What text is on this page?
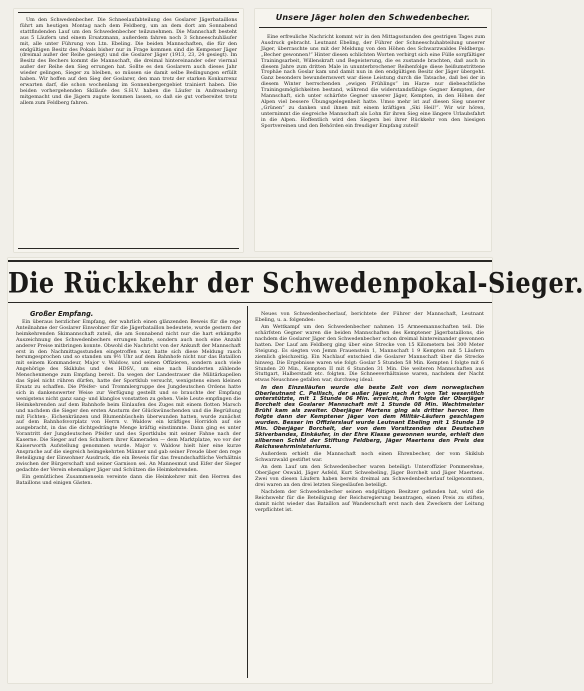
Um den Schwedenbecher. Die Schneelaufabteilung des Goslarer Jägerbataillons führt am heutigen Montag nach dem Feldberg, um an dem dort am Sonnabend stattfindenden Lauf um den Schwedenbecher teilzunehmen. Die Mannschaft besteht aus 5 Läufern und einem Ersatzmann, außerdem fahren noch 3 Schneeschuhläufer mit, alle unter Führung von Ltn. Ebeling. Die beiden Mannschaften, die für den endgültigen Besitz des Pokals bisher nur in Frage kommen sind die Kempener Jäger (dreimal außer der Reihe gesiegt) und die Goslarer Jäger (1913, 23, 24 gesiegt). Im Besitz des Bechers kommt die Mannschaft, die dreimal hintereinander oder viermal außer der Reihe den Sieg errungen hat. Sollte es den Goslarern auch dieses Jahr wieder gelingen, Sieger zu bleiben, so müssen sie damit selbe Bedingungen erfüllt haben. Wir hoffen auf den Sieg der Goslarer, den man trotz der starken Konkurrenz erwarten darf, die schon wochenlang im Sonnenbergergebiet trainiert haben. Die beiden vorhergehenden Skiläufe des S.H.V. haben die Läufer in Andreasberg mitgemacht und die Jägern zugute kommen lassen, so daß sie gut vorbereitet trotz allem zum Feldberg fahren.

Unsere Jäger holen den Schwedenbecher.

Eine erfreuliche Nachricht kommt wir in den Mittagsstunden des gestrigen Tages zum Ausdruck gebracht. Leutnant Ebeling, der Führer der Schneeschuhabteilung unserer Jäger, überraschte uns mit der Meldung von den Höhen des Schwarzwaldes Feldbergs: „Becher gewonnen!“ Hinter diesen schlichten Worten verbirgt sich eine Fülle sorgfältiger Trainingsarbeit, Willenskraft und Begeisterung, die es zustande brachten, daß auch in diesem Jahre zum dritten Male in ununterbrochener Reihenfolge diese heißumstrittene Trophäe nach Goslar kam und damit nun in den endgültigen Besitz der Jäger übergeht. Ganz besonders bewundernswert war diese Leistung durch die Tatsache, daß bei der in diesem Winter herrschenden „ewigen Frühlings“ im Harze nur diebeachtliche Trainingsmöglichkeiten bestand, während die widerstandsfähige Gegner Kempten, der Mannschaft, sich unter schärfste Gegner unserer Jäger, Kempten, in den Höhen der Alpen viel bessere Übungsgelegenheit hatte. Umso mehr ist auf diesen Sieg unserer „Grünen“ zu danken und ihnen mit einem kräftigen „Ski Heil!“. Wir wir hören, unternimmt die siegreiche Mannschaft als Lohn für ihren Sieg eine längere Urlaubsfahrt in die Alpen. Hoffentlich wird den Siegern bei ihrer Rückkehr von den hiesigen Sportvereinen und den Behörden ein freudiger Empfang zuteil!

Die Rückkehr der Schwedenpokal-Sieger.
Großer Empfang.

Ein überaus herzlicher Empfang, der wahrlich einen glänzenden Beweis für die rege Anteilnahme der Goslarer Einwohner für die Jägerbataillon bedeutete, wurde gestern der heimkehrenden Skimannschaft zuteil, die am Sonnabend nicht nur die hart erkämpfte Auszeichnung des Schwedenbechers errungen hatte, sondern auch noch eine Anzahl anderer Preise mitbringen konnte. Obwohl die Nachricht von der Ankunft der Mannschaft erst in den Nachmittagsstunden eingetroffen war, hatte sich diese Meldung rasch herumgesprochen und so standen um 9½ Uhr auf dem Bahnhofe nicht nur das Bataillon mit seinem Kommandeur, Major v. Waldow, und seinen Offizieren, sondern auch viele Angehörige des Skiklubs und des HDSV., um eine nach Hunderten zählende Menschenmenge zum Empfang bereit. Da wegen der Landestrauer die Militärkapellen das Spiel nicht rühren dürfen, hatte der Sportklub versucht, wenigstens einen kleinen Ersatz zu schaffen. Die Pfeifer- und Trommlergruppe des Jungdeutschen Ordens hatte sich in dankenswerter Weise zur Verfügung gestellt und so brauchte der Empfang wenigstens nicht ganz sang- und klanglos vonstatten zu gehen. Viele Leute empfingen die Heimkehrenden auf dem Bahnhofe beim Einlaufen des Zuges mit einem flotten Marsch und nachdem die Sieger den ersten Ansturm der Glückwünschenden und die Begrüßung mit Fichten-, Eichenkränzen und Blumenbüscheln überwunden hatten, wurde zunächst auf dem Bahnhofsvorplatz von Herrn v. Waldow ein kräftiges Horridoh auf sie ausgebracht, in das die dichtgedrängte Menge kräftig einstimmte. Dann ging es unter Vorantritt der Jungdeutschen Pfeifer und des Sportklubs mit seiner Fahne nach der Kaserne. Die Sieger auf den Schultern ihrer Kameraden — dem Marktplatze, wo vor der Kaiserworth Aufstellung genommen wurde. Major v. Waldow hielt hier eine kurze Ansprache auf die siegreich heimgekehrten Männer und gab seiner Freude über den rege Beteiligung der Einwohner Ausdruck, die ein Beweis für das freundschaftliche Verhältnis zwischen der Bürgerschaft und seiner Garnison sei. An Mannesmut und Eifer der Sieger gedachte der Verein ehemaliger Jäger und Schützen die Heimkehrenden.

Ein gemütliches Zusammensein vereinte dann die Heimkehrer mit den Herren des Bataillons und einigen Gästen.

Neues von Schwedenbecherlauf, berichtete der Führer der Mannschaft, Leutnant Ebeling, u. a. folgendes:

Am Wettkampf um den Schwedenbecher nahmen 15 Armeemannschaften teil. Die schärfsten Gegner waren die beiden Mannschaften des Kemptener Jägerbataillons, die nachdem die Goslarer Jäger den Schwedenbecher schon dreimal hintereinander gewonnen hatten. Der Lauf am Feldberg ging über eine Strecke von 15 Kilometern bei 300 Meter Steigung. Es siegten von Jemm Frauenstein 1, Mannschaft 1 9 Kempten mit 5 Läufern ziemlich gleichzeitig. Ein Nachlauf entschied die Goslarer Mannschaft über die Strecke hinweg. Die Ergebnisse waren wie folgt: Goslar 5 Stunden 58 Min. Kempten I folgte mit 6 Stunden 20 Min., Kempten II mit 6 Stunden 31 Min. Die weiteren Mannschaften aus Stuttgart, Halberstadt etc. folgten. Die Schneeverhältnisse waren, nachdem der Nacht etwas Neuschnee gefallen war, durchweg ideal.

In den Einzelläufen wurde die beste Zeit von dem norwegischen Oberleutnant C. Pellisch, der außer Jäger nach Art von Tat wesentlich unterstützte, mit 1 Stunde 06 Min. erreicht, ihm folgte der Oberjäger Borchelt des Goslarer Mannschaft mit 1 Stunde 08 Min. Wachtmeister Brühl kam als zweiter. Oberjäger Martens ging als dritter hervor. Ihm folgte dann der Kemptener Jäger von dem Militär-Läufern geschlagen wurden. Besser im Offizierslauf wurde Leutnant Ebeling mit 1 Stunde 19 Min. Oberjäger Borchelt, der von dem Vorsitzenden des Deutschen Skiverbandes, Einkäufer, in der Ehre Klasse gewonnen wurde, erhielt den silbernen Schild der Stiftung Feldberg, Jäger Maertens den Preis des Reichswehrministeriums.

Außerdem erhielt die Mannschaft noch einen Ehrenbecher, der vom Skiklub Schwarzwald gestiftet war.

An dem Lauf um den Schwedenbecher waren beteiligt: Unteroffizier Pommerehne, Oberjäger Oswald, Jäger Asfeld, Kurt Schwebeling, Jäger Borchelt und Jäger Maertens. Zwei von diesen Läufern haben bereits dreimal am Schwedenbecherlauf teilgenommen, drei waren an den drei letzten Siegesläufen beteiligt.

Nachdem der Schwedenbecher seinen endgültigen Besitzer gefunden hat, wird die Reichswehr für die Beteiligung der Reichsregierung beantragen, einen Preis zu stiften, damit nicht wieder das Bataillon auf Wanderschaft erst nach den Zweckern der Leitung verpflichtet ist.
